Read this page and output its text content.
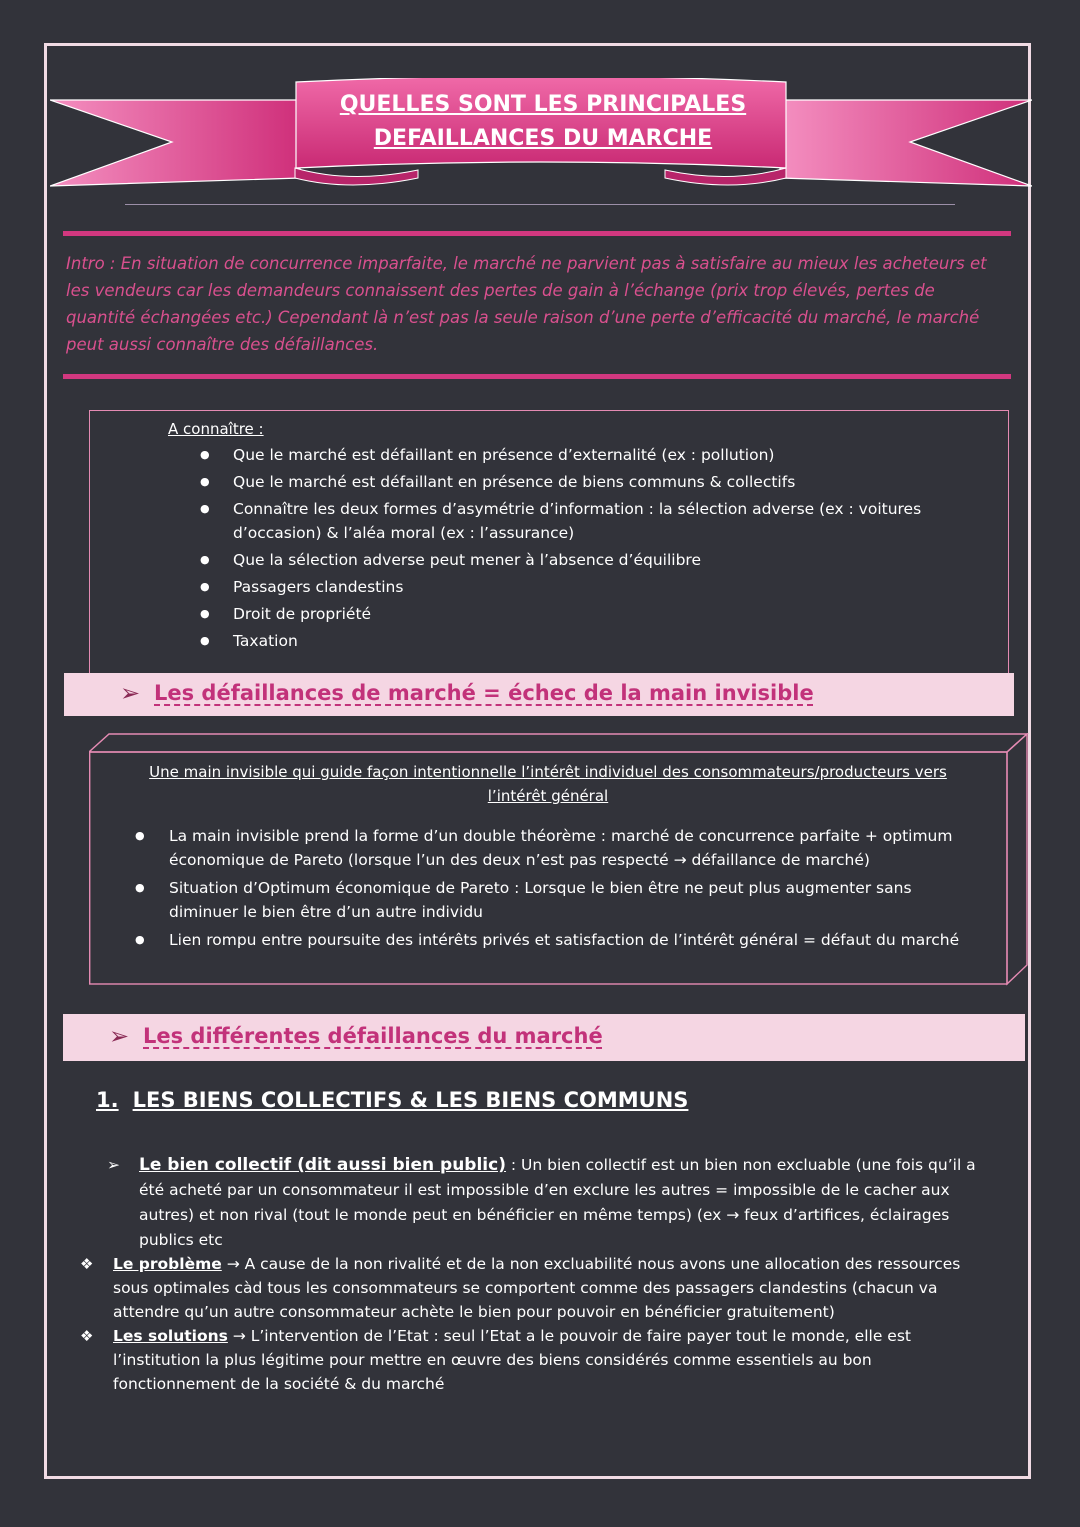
QUELLES SONT LES PRINCIPALES
DEFAILLANCES DU MARCHE
Intro : En situation de concurrence imparfaite, le marché ne parvient pas à satisfaire au mieux les acheteurs et les vendeurs car les demandeurs connaissent des pertes de gain à l’échange (prix trop élevés, pertes de quantité échangées etc.) Cependant là n’est pas la seule raison d’une perte d’efficacité du marché, le marché peut aussi connaître des défaillances.
A connaître :
● Que le marché est défaillant en présence d’externalité (ex : pollution)
● Que le marché est défaillant en présence de biens communs & collectifs
● Connaître les deux formes d’asymétrie d’information : la sélection adverse (ex : voitures d’occasion) & l’aléa moral (ex : l’assurance)
● Que la sélection adverse peut mener à l’absence d’équilibre
● Passagers clandestins
● Droit de propriété
● Taxation
➢ Les défaillances de marché = échec de la main invisible
Une main invisible qui guide façon intentionnelle l’intérêt individuel des consommateurs/producteurs vers l’intérêt général
● La main invisible prend la forme d’un double théorème : marché de concurrence parfaite + optimum économique de Pareto (lorsque l’un des deux n’est pas respecté → défaillance de marché)
● Situation d’Optimum économique de Pareto : Lorsque le bien être ne peut plus augmenter sans diminuer le bien être d’un autre individu
● Lien rompu entre poursuite des intérêts privés et satisfaction de l’intérêt général = défaut du marché
➢ Les différentes défaillances du marché
1. LES BIENS COLLECTIFS & LES BIENS COMMUNS
➢ Le bien collectif (dit aussi bien public) : Un bien collectif est un bien non excluable (une fois qu’il a été acheté par un consommateur il est impossible d’en exclure les autres = impossible de le cacher aux autres) et non rival (tout le monde peut en bénéficier en même temps) (ex → feux d’artifices, éclairages publics etc
❖ Le problème → A cause de la non rivalité et de la non excluabilité nous avons une allocation des ressources sous optimales càd tous les consommateurs se comportent comme des passagers clandestins (chacun va attendre qu’un autre consommateur achète le bien pour pouvoir en bénéficier gratuitement)
❖ Les solutions → L’intervention de l’Etat : seul l’Etat a le pouvoir de faire payer tout le monde, elle est l’institution la plus légitime pour mettre en œuvre des biens considérés comme essentiels au bon fonctionnement de la société & du marché
